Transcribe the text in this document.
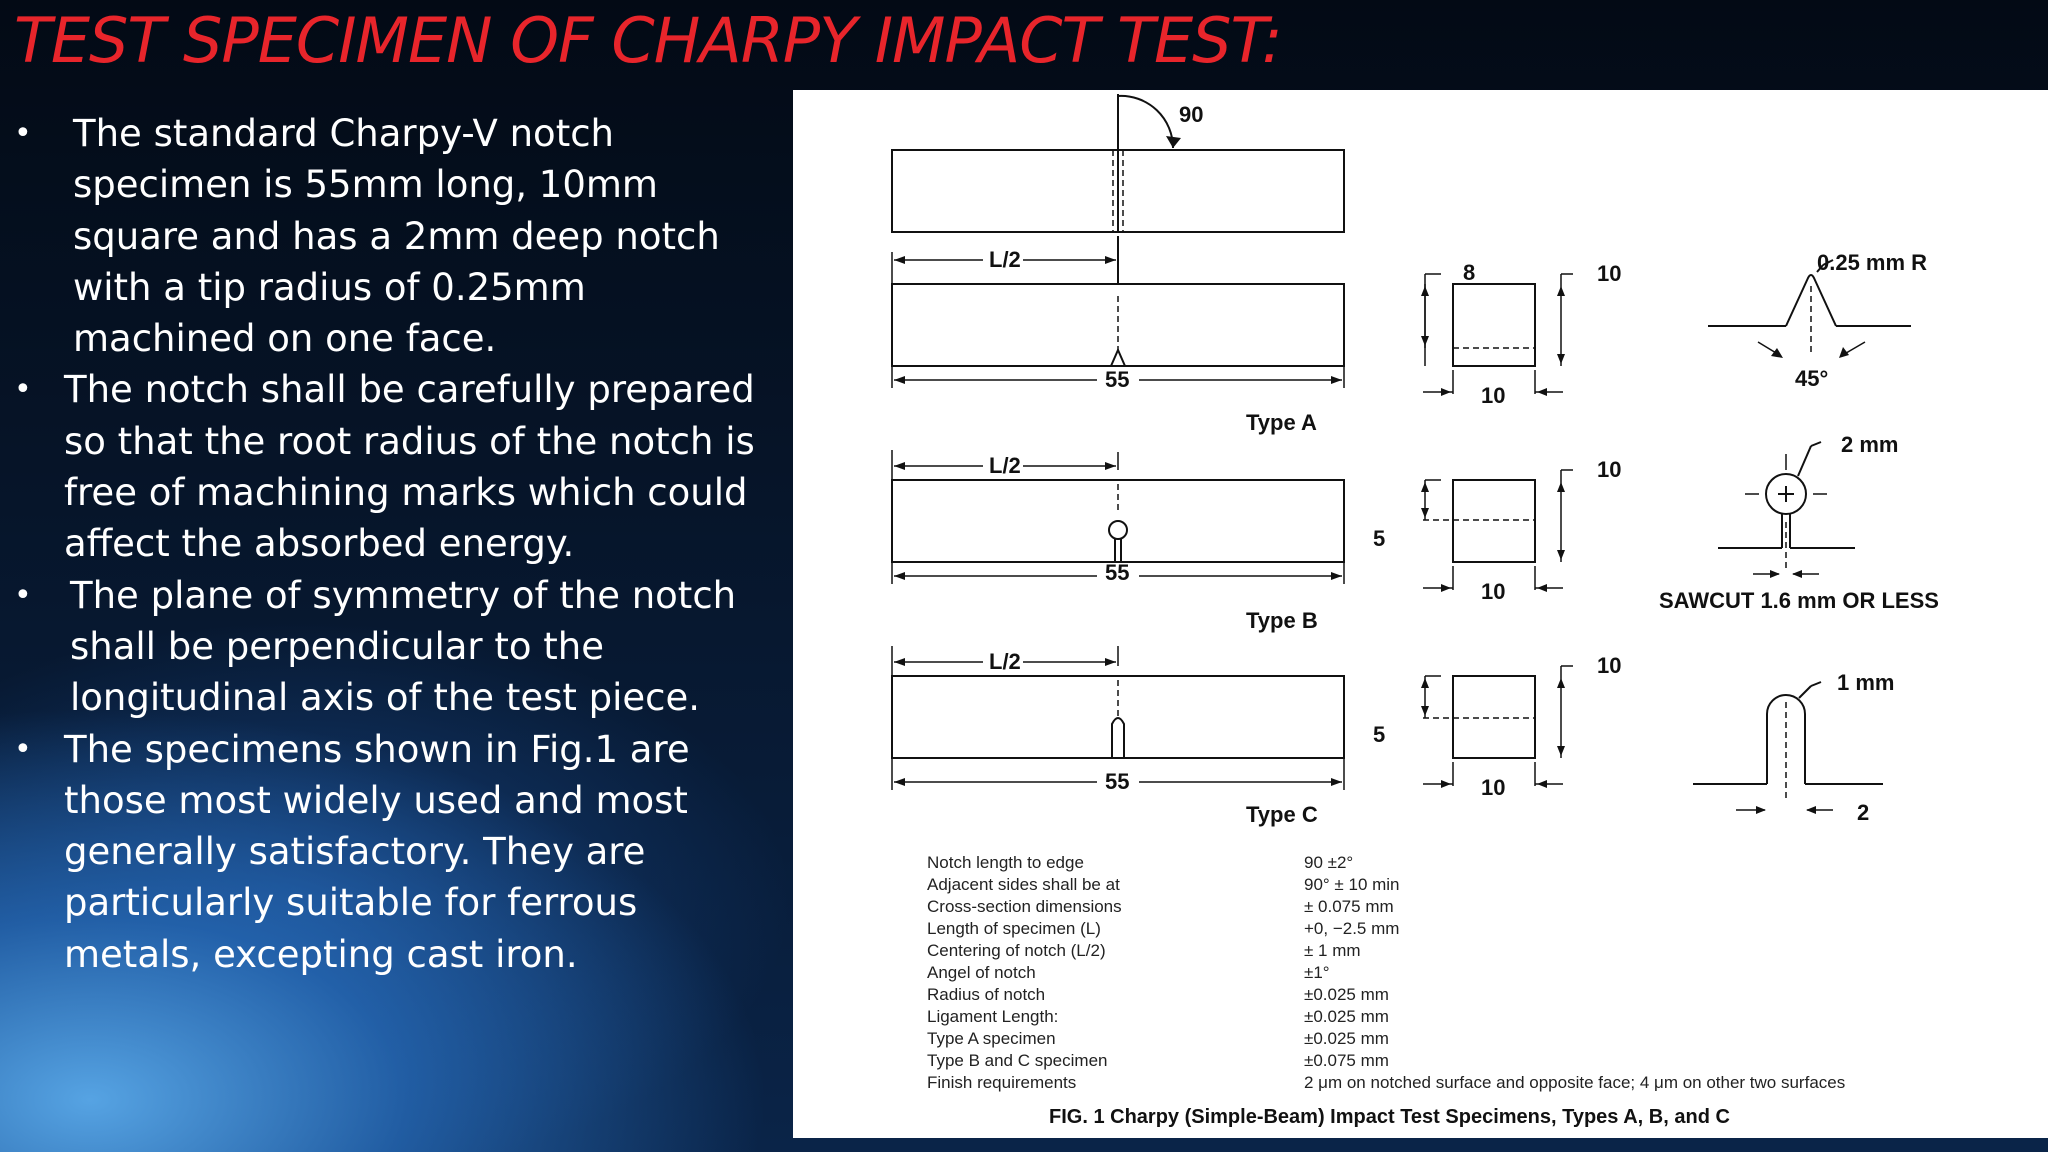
TEST SPECIMEN OF CHARPY IMPACT TEST:
• The standard Charpy-V notch specimen is 55mm long, 10mm square and has a 2mm deep notch with a tip radius of 0.25mm machined on one face.
• The notch shall be carefully prepared so that the root radius of the notch is free of machining marks which could affect the absorbed energy.
• The plane of symmetry of the notch shall be perpendicular to the longitudinal axis of the test piece.
• The specimens shown in Fig.1 are those most widely used and most generally satisfactory. They are particularly suitable for ferrous metals, excepting cast iron.
90
L/2
55
Type A
8	10
10
0.25 mm R
45°
L/2
55
Type B
5
10
10
2 mm
SAWCUT 1.6 mm OR LESS
L/2
55
Type C
5
10
10
1 mm
2
Notch length to edge	90 ±2°
Adjacent sides shall be at	90° ± 10 min
Cross-section dimensions	± 0.075 mm
Length of specimen (L)	+0, −2.5 mm
Centering of notch (L/2)	± 1 mm
Angel of notch	±1°
Radius of notch	±0.025 mm
Ligament Length:	±0.025 mm
Type A specimen	±0.025 mm
Type B and C specimen	±0.075 mm
Finish requirements	2 μm on notched surface and opposite face; 4 μm on other two surfaces
FIG. 1 Charpy (Simple-Beam) Impact Test Specimens, Types A, B, and C
